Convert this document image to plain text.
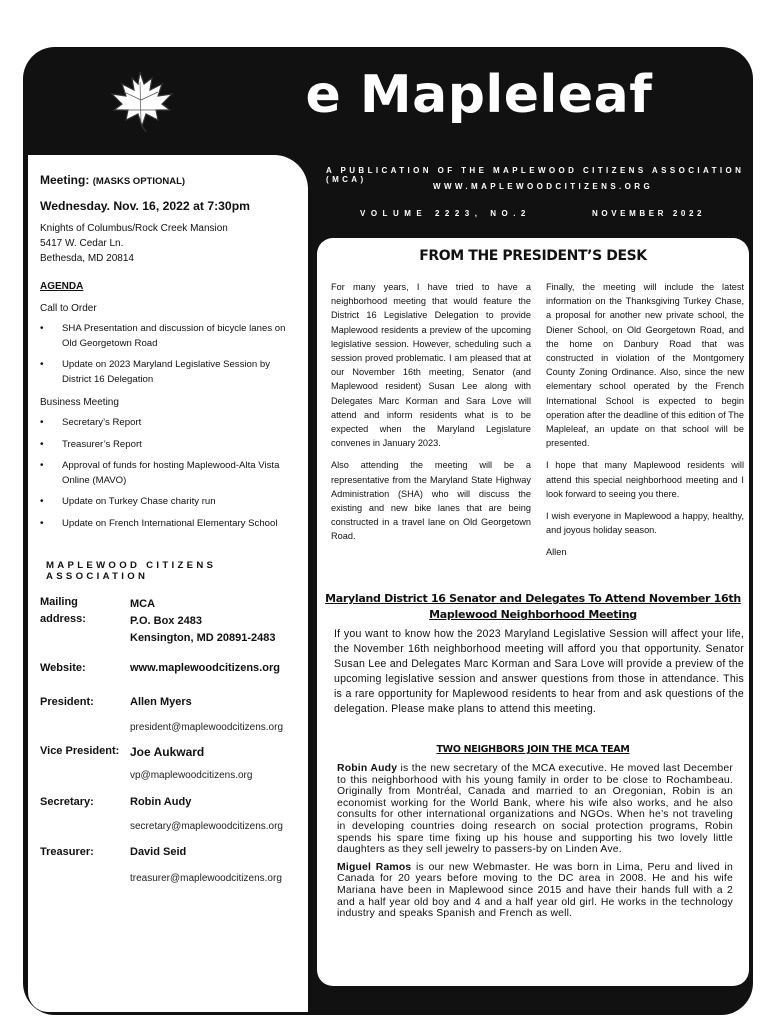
The Mapleleaf
A PUBLICATION OF THE MAPLEWOOD CITIZENS ASSOCIATION (MCA)
WWW.MAPLEWOODCITIZENS.ORG
VOLUME 2223, NO.2	NOVEMBER 2022
Meeting: (MASKS OPTIONAL)
Wednesday. Nov. 16, 2022 at 7:30pm
Knights of Columbus/Rock Creek Mansion
5417 W. Cedar Ln.
Bethesda, MD 20814
AGENDA
Call to Order
• SHA Presentation and discussion of bicycle lanes on Old Georgetown Road
• Update on 2023 Maryland Legislative Session by District 16 Delegation
Business Meeting
• Secretary’s Report
• Treasurer’s Report
• Approval of funds for hosting Maplewood-Alta Vista Online (MAVO)
• Update on Turkey Chase charity run
• Update on French International Elementary School
MAPLEWOOD CITIZENS ASSOCIATION
Mailing
address:
MCA
P.O. Box 2483
Kensington, MD 20891-2483
Website:	www.maplewoodcitizens.org
President:	Allen Myers
president@maplewoodcitizens.org
Vice President: Joe Aukward
vp@maplewoodcitizens.org
Secretary:	Robin Audy
secretary@maplewoodcitizens.org
Treasurer:	David Seid
treasurer@maplewoodcitizens.org
FROM THE PRESIDENT’S DESK

For many years, I have tried to have a neighborhood meeting that would feature the District 16 Legislative Delegation to provide Maplewood residents a preview of the upcoming legislative session. However, scheduling such a session proved problematic. I am pleased that at our November 16th meeting, Senator (and Maplewood resident) Susan Lee along with Delegates Marc Korman and Sara Love will attend and inform residents what is to be expected when the Maryland Legislature convenes in January 2023.

Also attending the meeting will be a representative from the Maryland State Highway Administration (SHA) who will discuss the existing and new bike lanes that are being constructed in a travel lane on Old Georgetown Road.

Finally, the meeting will include the latest information on the Thanksgiving Turkey Chase, a proposal for another new private school, the Diener School, on Old Georgetown Road, and the home on Danbury Road that was constructed in violation of the Montgomery County Zoning Ordinance. Also, since the new elementary school operated by the French International School is expected to begin operation after the deadline of this edition of The Mapleleaf, an update on that school will be presented.

I hope that many Maplewood residents will attend this special neighborhood meeting and I look forward to seeing you there.

I wish everyone in Maplewood a happy, healthy, and joyous holiday season.

Allen

Maryland District 16 Senator and Delegates To Attend November 16th
Maplewood Neighborhood Meeting
If you want to know how the 2023 Maryland Legislative Session will affect your life, the November 16th neighborhood meeting will afford you that opportunity. Senator Susan Lee and Delegates Marc Korman and Sara Love will provide a preview of the upcoming legislative session and answer questions from those in attendance. This is a rare opportunity for Maplewood residents to hear from and ask questions of the delegation. Please make plans to attend this meeting.
TWO NEIGHBORS JOIN THE MCA TEAM

Robin Audy is the new secretary of the MCA executive. He moved last December to this neighborhood with his young family in order to be close to Rochambeau. Originally from Montréal, Canada and married to an Oregonian, Robin is an economist working for the World Bank, where his wife also works, and he also consults for other international organizations and NGOs. When he’s not traveling in developing countries doing research on social protection programs, Robin spends his spare time fixing up his house and supporting his two lovely little daughters as they sell jewelry to passers-by on Linden Ave.

Miguel Ramos is our new Webmaster. He was born in Lima, Peru and lived in Canada for 20 years before moving to the DC area in 2008. He and his wife Mariana have been in Maplewood since 2015 and have their hands full with a 2 and a half year old boy and 4 and a half year old girl. He works in the technology industry and speaks Spanish and French as well.
